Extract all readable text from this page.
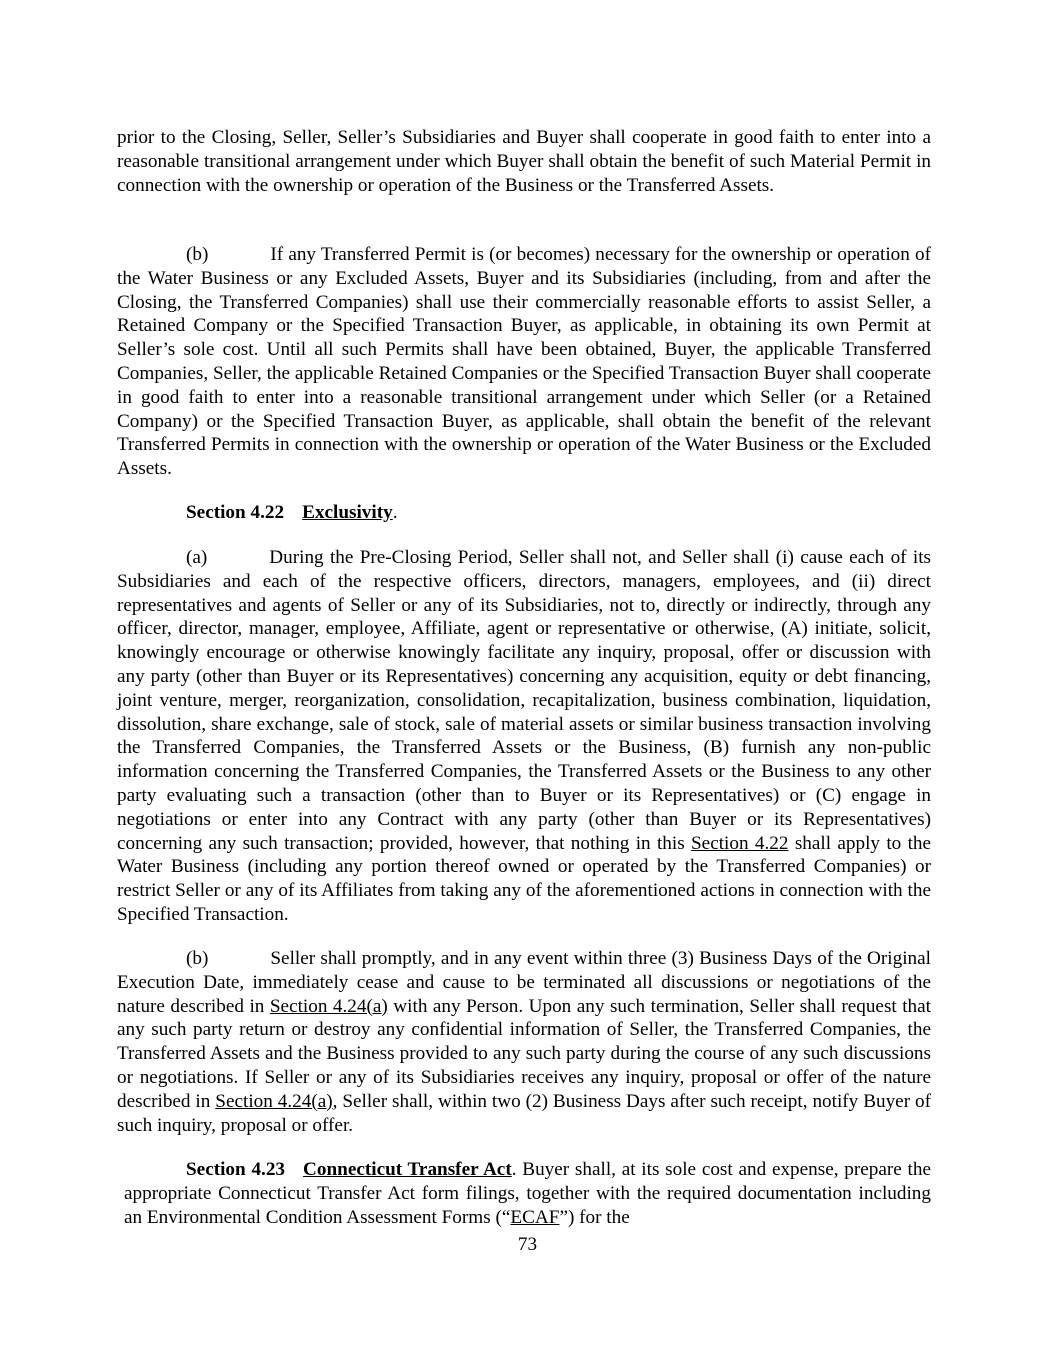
prior to the Closing, Seller, Seller’s Subsidiaries and Buyer shall cooperate in good faith to enter into a reasonable transitional arrangement under which Buyer shall obtain the benefit of such Material Permit in connection with the ownership or operation of the Business or the Transferred Assets.

(b)	If any Transferred Permit is (or becomes) necessary for the ownership or operation of the Water Business or any Excluded Assets, Buyer and its Subsidiaries (including, from and after the Closing, the Transferred Companies) shall use their commercially reasonable efforts to assist Seller, a Retained Company or the Specified Transaction Buyer, as applicable, in obtaining its own Permit at Seller’s sole cost. Until all such Permits shall have been obtained, Buyer, the applicable Transferred Companies, Seller, the applicable Retained Companies or the Specified Transaction Buyer shall cooperate in good faith to enter into a reasonable transitional arrangement under which Seller (or a Retained Company) or the Specified Transaction Buyer, as applicable, shall obtain the benefit of the relevant Transferred Permits in connection with the ownership or operation of the Water Business or the Excluded Assets.

Section 4.22 Exclusivity.

(a)	During the Pre-Closing Period, Seller shall not, and Seller shall (i) cause each of its Subsidiaries and each of the respective officers, directors, managers, employees, and (ii) direct representatives and agents of Seller or any of its Subsidiaries, not to, directly or indirectly, through any officer, director, manager, employee, Affiliate, agent or representative or otherwise, (A) initiate, solicit, knowingly encourage or otherwise knowingly facilitate any inquiry, proposal, offer or discussion with any party (other than Buyer or its Representatives) concerning any acquisition, equity or debt financing, joint venture, merger, reorganization, consolidation, recapitalization, business combination, liquidation, dissolution, share exchange, sale of stock, sale of material assets or similar business transaction involving the Transferred Companies, the Transferred Assets or the Business, (B) furnish any non-public information concerning the Transferred Companies, the Transferred Assets or the Business to any other party evaluating such a transaction (other than to Buyer or its Representatives) or (C) engage in negotiations or enter into any Contract with any party (other than Buyer or its Representatives) concerning any such transaction; provided, however, that nothing in this Section 4.22 shall apply to the Water Business (including any portion thereof owned or operated by the Transferred Companies) or restrict Seller or any of its Affiliates from taking any of the aforementioned actions in connection with the Specified Transaction.

(b)	Seller shall promptly, and in any event within three (3) Business Days of the Original Execution Date, immediately cease and cause to be terminated all discussions or negotiations of the nature described in Section 4.24(a) with any Person. Upon any such termination, Seller shall request that any such party return or destroy any confidential information of Seller, the Transferred Companies, the Transferred Assets and the Business provided to any such party during the course of any such discussions or negotiations. If Seller or any of its Subsidiaries receives any inquiry, proposal or offer of the nature described in Section 4.24(a), Seller shall, within two (2) Business Days after such receipt, notify Buyer of such inquiry, proposal or offer.

Section 4.23 Connecticut Transfer Act. Buyer shall, at its sole cost and expense, prepare the appropriate Connecticut Transfer Act form filings, together with the required documentation including an Environmental Condition Assessment Forms (“ECAF”) for the

73
